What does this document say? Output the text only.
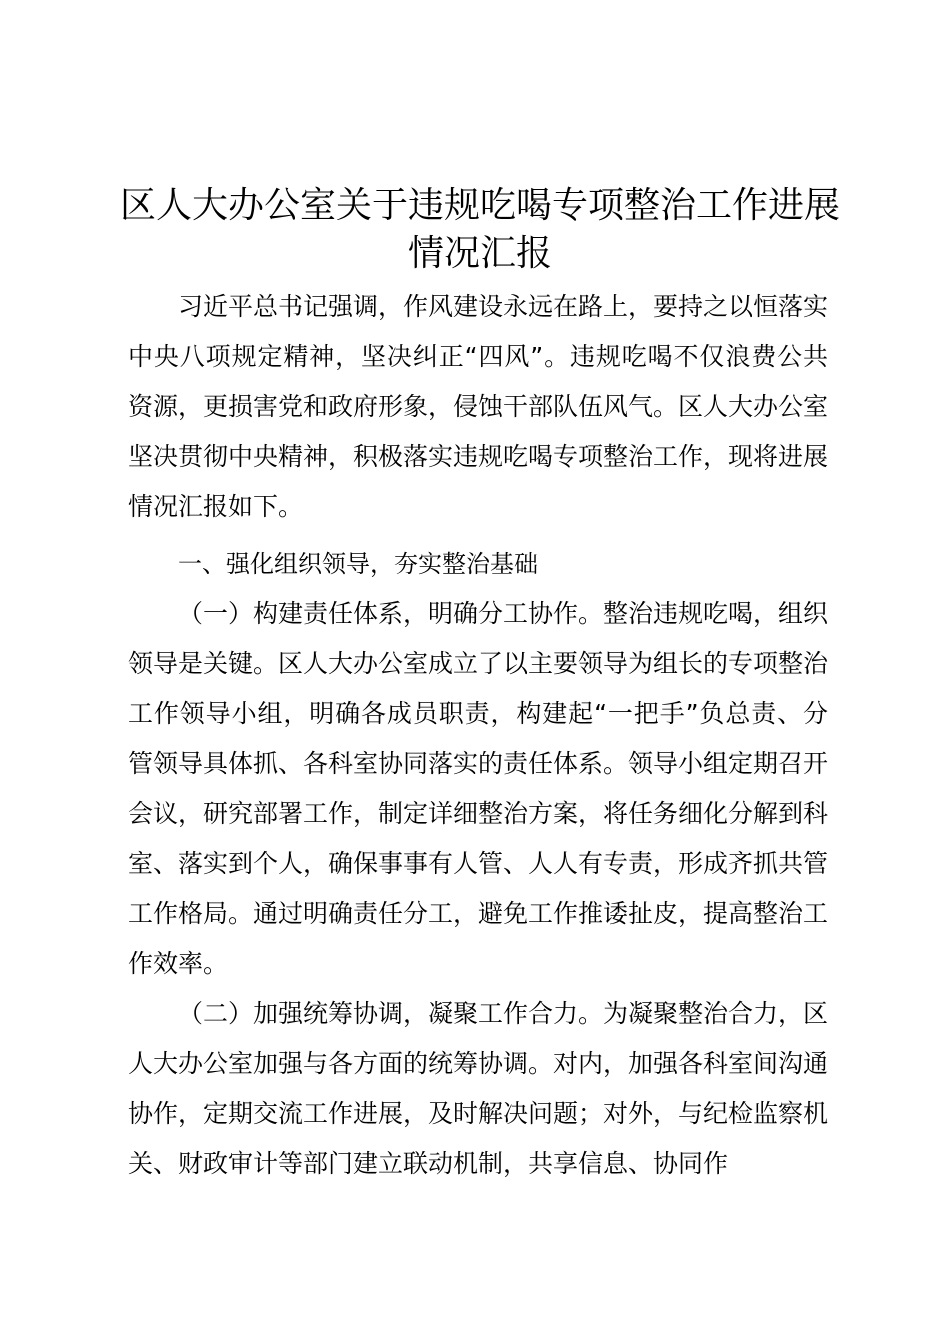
区人大办公室关于违规吃喝专项整治工作进展
情况汇报

习近平总书记强调，作风建设永远在路上，要持之以恒落实中央八项规定精神，坚决纠正“四风”。违规吃喝不仅浪费公共资源，更损害党和政府形象，侵蚀干部队伍风气。区人大办公室坚决贯彻中央精神，积极落实违规吃喝专项整治工作，现将进展情况汇报如下。

一、强化组织领导，夯实整治基础

（一）构建责任体系，明确分工协作。整治违规吃喝，组织领导是关键。区人大办公室成立了以主要领导为组长的专项整治工作领导小组，明确各成员职责，构建起“一把手”负总责、分管领导具体抓、各科室协同落实的责任体系。领导小组定期召开会议，研究部署工作，制定详细整治方案，将任务细化分解到科室、落实到个人，确保事事有人管、人人有专责，形成齐抓共管工作格局。通过明确责任分工，避免工作推诿扯皮，提高整治工作效率。

（二）加强统筹协调，凝聚工作合力。为凝聚整治合力，区人大办公室加强与各方面的统筹协调。对内，加强各科室间沟通协作，定期交流工作进展，及时解决问题；对外，与纪检监察机关、财政审计等部门建立联动机制，共享信息、协同作
